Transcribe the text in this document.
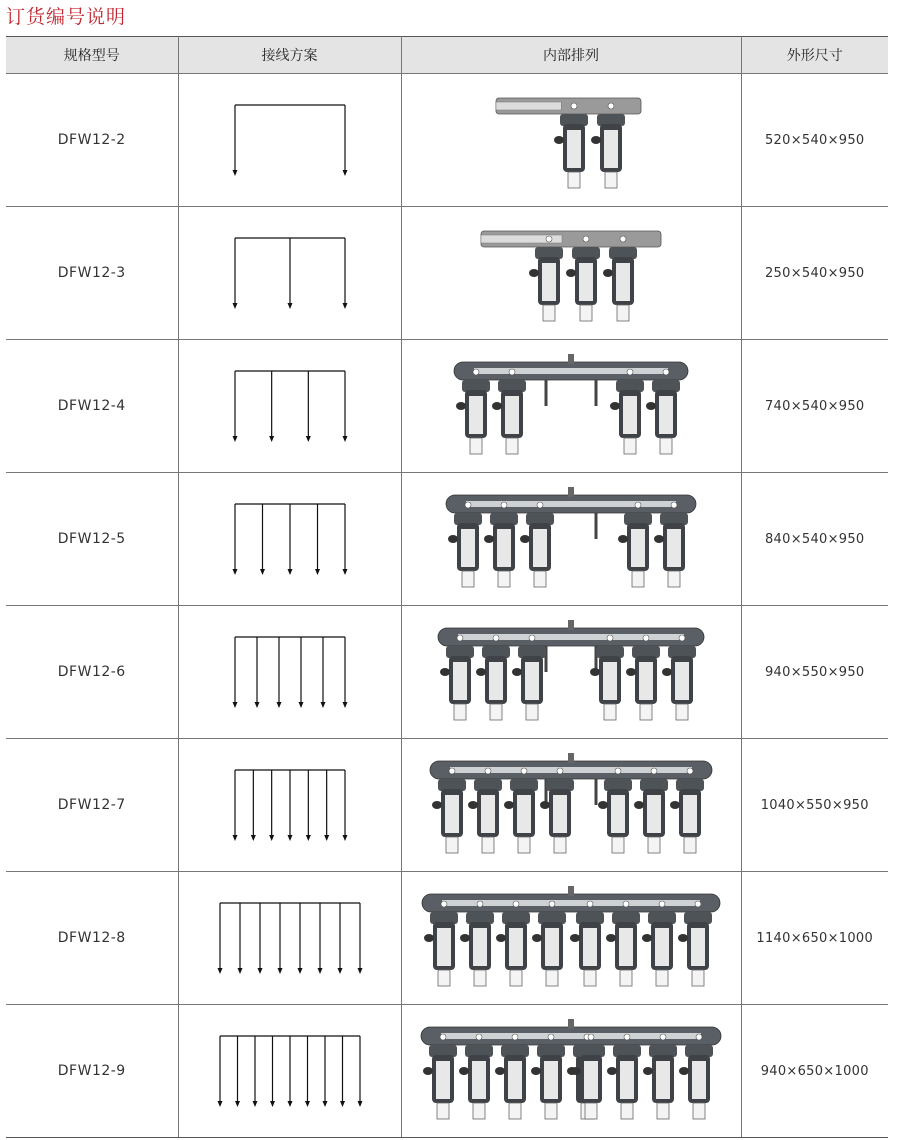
订货编号说明
规格型号	接线方案	内部排列	外形尺寸
DFW12-2			520×540×950
DFW12-3			250×540×950
DFW12-4			740×540×950
DFW12-5			840×540×950
DFW12-6			940×550×950
DFW12-7			1040×550×950
DFW12-8			1140×650×1000
DFW12-9			940×650×1000
